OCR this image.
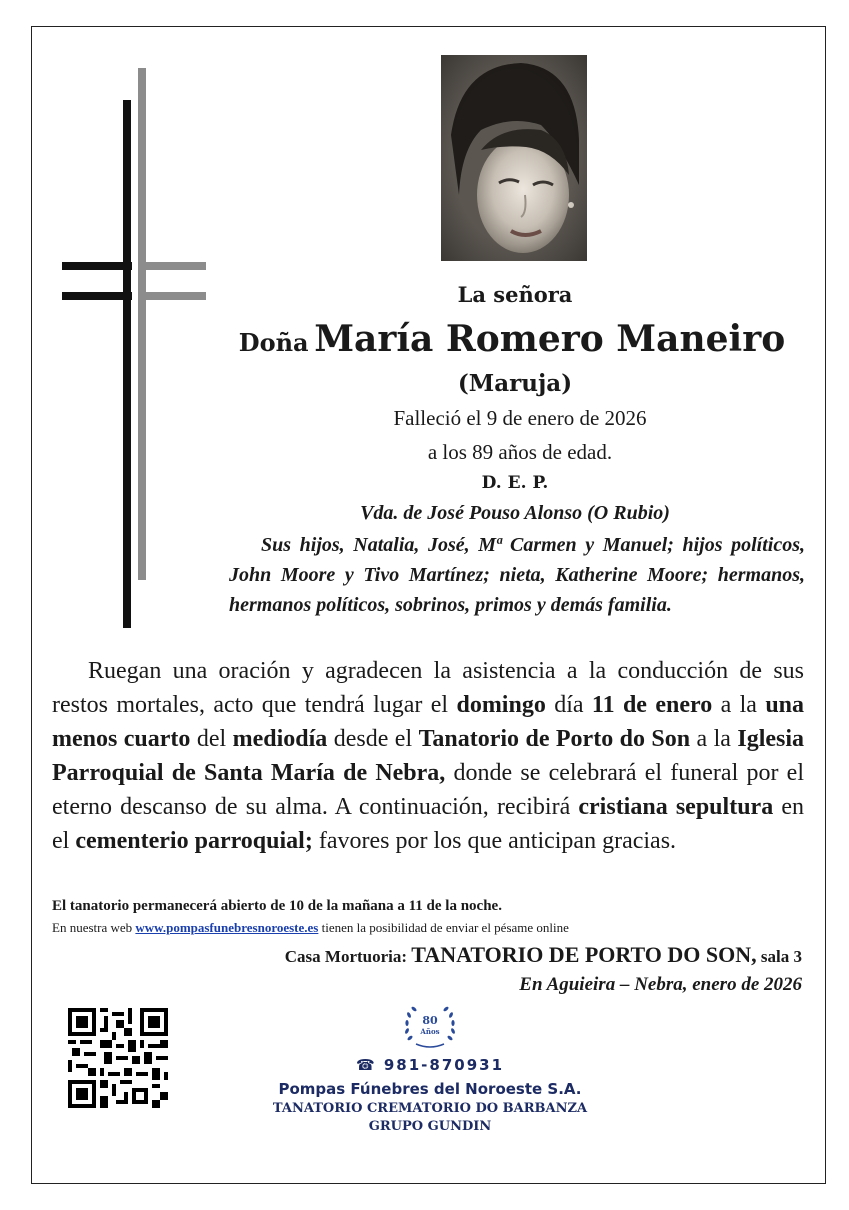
La señora
Doña María Romero Maneiro
(Maruja)
Falleció el 9 de enero de 2026
a los 89 años de edad.
D. E. P.
Vda. de José Pouso Alonso (O Rubio)

Sus hijos, Natalia, José, Mª Carmen y Manuel; hijos políticos, John Moore y Tivo Martínez; nieta, Katherine Moore; hermanos, hermanos políticos, sobrinos, primos y demás familia.

Ruegan una oración y agradecen la asistencia a la conducción de sus restos mortales, acto que tendrá lugar el domingo día 11 de enero a la una menos cuarto del mediodía desde el Tanatorio de Porto do Son a la Iglesia Parroquial de Santa María de Nebra, donde se celebrará el funeral por el eterno descanso de su alma. A continuación, recibirá cristiana sepultura en el cementerio parroquial; favores por los que anticipan gracias.

El tanatorio permanecerá abierto de 10 de la mañana a 11 de la noche.
En nuestra web www.pompasfunebresnoroeste.es tienen la posibilidad de enviar el pésame online
Casa Mortuoria: TANATORIO DE PORTO DO SON, sala 3
En Aguieira – Nebra, enero de 2026
80
Años
☎ 981-870931
Pompas Fúnebres del Noroeste S.A.
TANATORIO CREMATORIO DO BARBANZA
GRUPO GUNDIN
